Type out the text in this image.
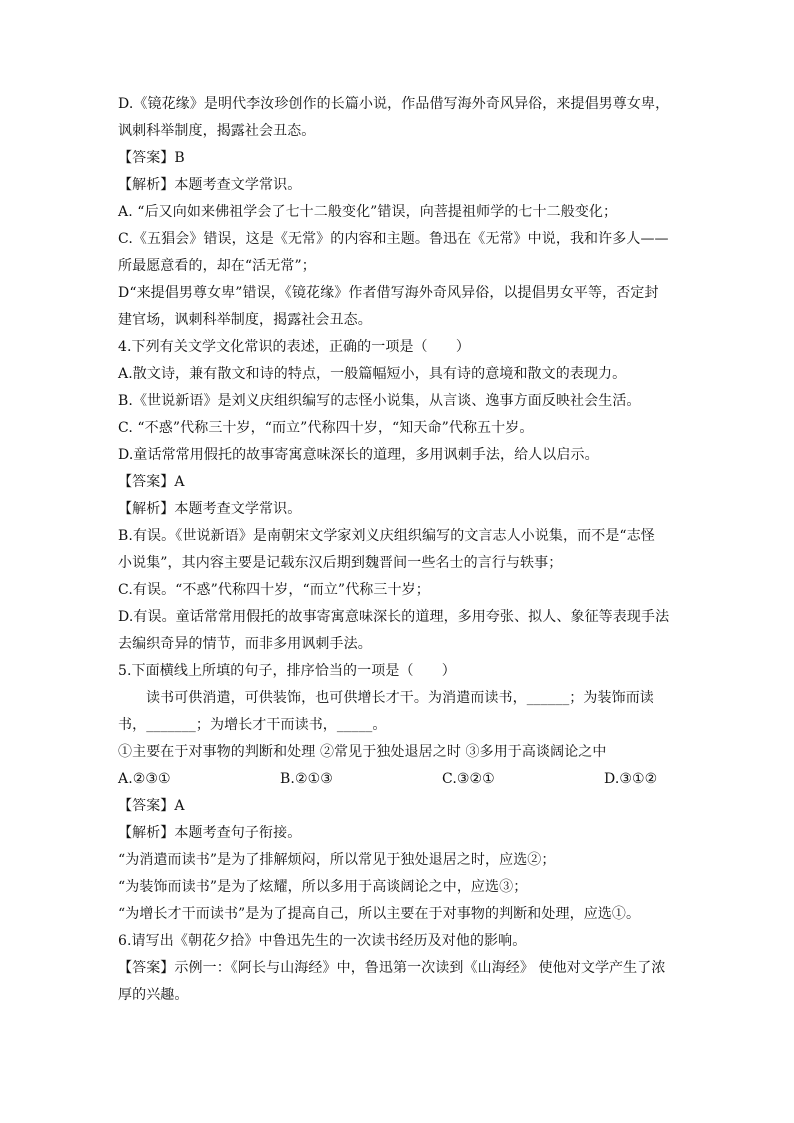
D.《镜花缘》是明代李汝珍创作的长篇小说，作品借写海外奇风异俗，来提倡男尊女卑，
讽刺科举制度，揭露社会丑态。
【答案】B
【解析】本题考查文学常识。
A. “后又向如来佛祖学会了七十二般变化”错误，向菩提祖师学的七十二般变化；
C.《五猖会》错误，这是《无常》的内容和主题。鲁迅在《无常》中说，我和许多人——
所最愿意看的，却在“活无常”；
D“来提倡男尊女卑”错误，《镜花缘》作者借写海外奇风异俗，以提倡男女平等，否定封
建官场，讽刺科举制度，揭露社会丑态。
4.下列有关文学文化常识的表述，正确的一项是（　　）
A.散文诗，兼有散文和诗的特点，一般篇幅短小，具有诗的意境和散文的表现力。
B.《世说新语》是刘义庆组织编写的志怪小说集，从言谈、逸事方面反映社会生活。
C. “不惑”代称三十岁，“而立”代称四十岁，“知天命”代称五十岁。
D.童话常常用假托的故事寄寓意味深长的道理，多用讽刺手法，给人以启示。
【答案】A
【解析】本题考查文学常识。
B.有误。《世说新语》是南朝宋文学家刘义庆组织编写的文言志人小说集，而不是“志怪
小说集”，其内容主要是记载东汉后期到魏晋间一些名士的言行与轶事；
C.有误。“不惑”代称四十岁，“而立”代称三十岁；
D.有误。童话常常用假托的故事寄寓意味深长的道理，多用夸张、拟人、象征等表现手法
去编织奇异的情节，而非多用讽刺手法。
5.下面横线上所填的句子，排序恰当的一项是（　　）
读书可供消遣，可供装饰，也可供增长才干。为消遣而读书，______；为装饰而读
书，_______；为增长才干而读书，_____。
①主要在于对事物的判断和处理 ②常见于独处退居之时 ③多用于高谈阔论之中
A.②③①	B.②①③	C.③②①	D.③①②
【答案】A
【解析】本题考查句子衔接。
“为消遣而读书”是为了排解烦闷，所以常见于独处退居之时，应选②；
“为装饰而读书”是为了炫耀，所以多用于高谈阔论之中，应选③；
“为增长才干而读书”是为了提高自己，所以主要在于对事物的判断和处理，应选①。
6.请写出《朝花夕拾》中鲁迅先生的一次读书经历及对他的影响。
【答案】示例一：《阿长与山海经》中，鲁迅第一次读到《山海经》 使他对文学产生了浓
厚的兴趣。
